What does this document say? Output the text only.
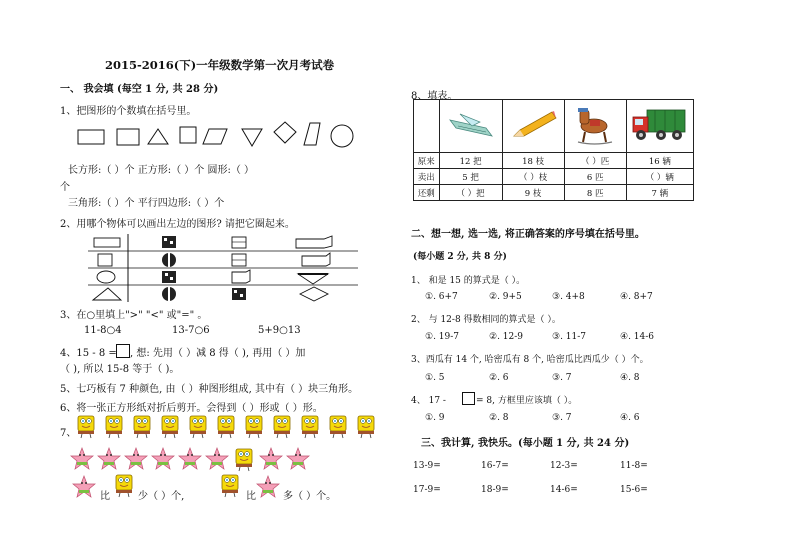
2015-2016(下)一年级数学第一次月考试卷
一、 我会填 (每空 1 分, 共 28 分)
1、把图形的个数填在括号里。
长方形:（ ）个 正方形:（ ）个 圆形:（ ）
个
三角形:（ ）个 平行四边形:（ ）个
2、用哪个物体可以画出左边的图形? 请把它圈起来。
3、在○里填上">" "<" 或"=" 。
11-8○4	13-7○6	5+9○13
4、15 - 8 = , 想: 先用（ ）减 8 得（ ), 再用（ ）加
（ ), 所以 15-8 等于（ )。
5、七巧板有 7 种颜色, 由（ ）种图形组成, 其中有（ ）块三角形。
6、将一张正方形纸对折后剪开。会得到（ ）形或（ ）形。
7、
比	少（ ）个,	比	多（ ）个。
8、填表。

原来	12 把	18 枝	（ ）匹	16 辆
卖出	5 把	（ ）枝	6 匹	（ ）辆
还剩	（ ）把	9 枝	8 匹	7 辆
二、想一想, 选一选, 将正确答案的序号填在括号里。
(每小题 2 分, 共 8 分)
1、 和是 15 的算式是（ ）。
①. 6+7	②. 9+5	③. 4+8	④. 8+7
2、 与 12-8 得数相同的算式是（ ）。
①. 19-7	②. 12-9	③. 11-7	④. 14-6
3、西瓜有 14 个, 哈密瓜有 8 个, 哈密瓜比西瓜少（ ）个。
①. 5	②. 6	③. 7	④. 8
4、 17 -	= 8, 方框里应该填（ ）。
①. 9	②. 8	③. 7	④. 6
三、我计算, 我快乐。(每小题 1 分, 共 24 分)
13-9=	16-7=	12-3=	11-8=
17-9=	18-9=	14-6=	15-6=
